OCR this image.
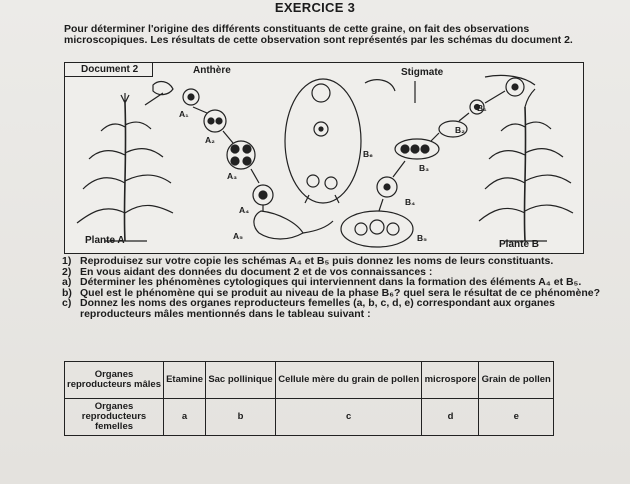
EXERCICE 3
Pour déterminer l'origine des différents constituants de cette graine, on fait des observations microscopiques. Les résultats de cette observation sont représentés par les schémas du document 2.
Document 2	Anthère	Stigmate
Plante A	Plante B
A₁
A₂
A₃
A₄
A₅
B₁
B₂
B₃
B₄
B₅
B₆
1) Reproduisez sur votre copie les schémas A₄ et B₅ puis donnez les noms de leurs constituants.
2) En vous aidant des données du document 2 et de vos connaissances :
a) Déterminer les phénomènes cytologiques qui interviennent dans la formation des éléments A₄ et B₅.
b) Quel est le phénomène qui se produit au niveau de la phase B₆? quel sera le résultat de ce phénomène?
c) Donnez les noms des organes reproducteurs femelles (a, b, c, d, e) correspondant aux organes reproducteurs mâles mentionnés dans le tableau suivant :
Organes reproducteurs mâles	Etamine	Sac pollinique	Cellule mère du grain de pollen	microspore	Grain de pollen
Organes reproducteurs femelles	a	b	c	d	e
